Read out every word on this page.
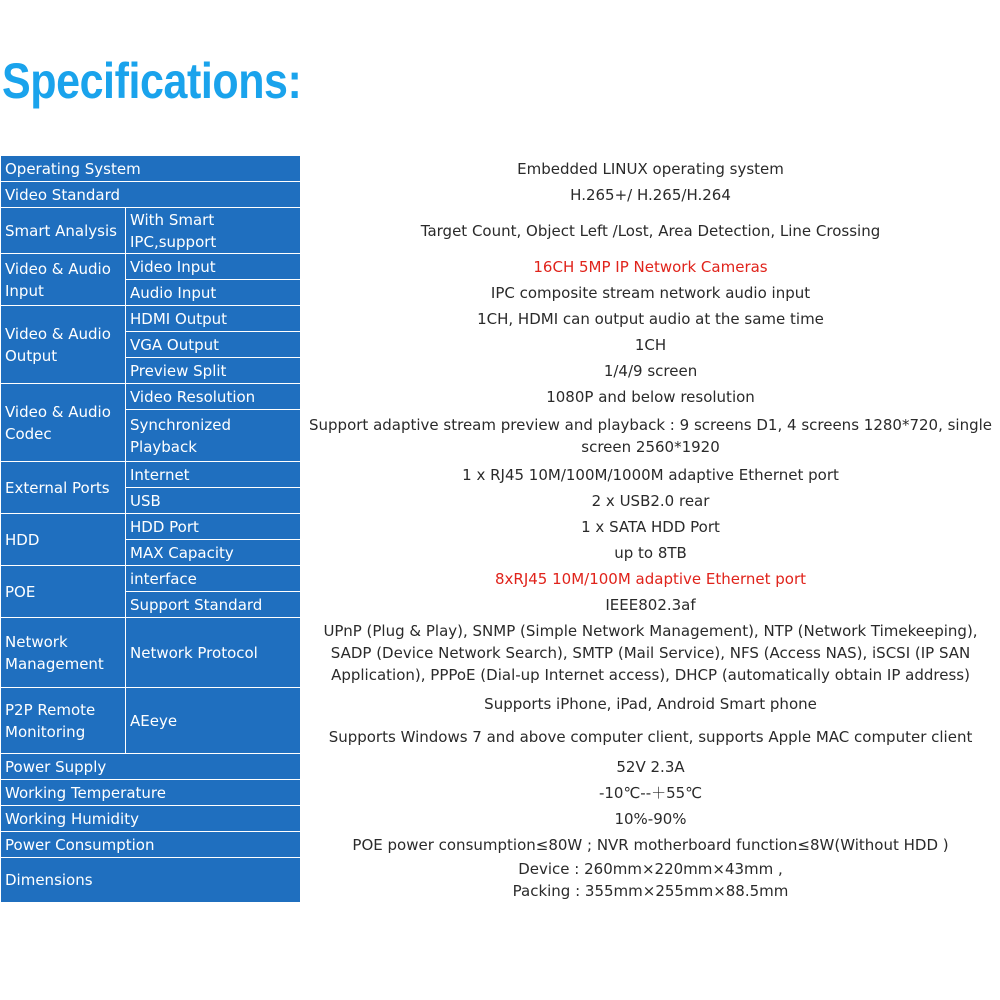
Specifications:
Operating System		Embedded LINUX operating system
Video Standard		H.265+/ H.265/H.264
Smart Analysis	With Smart IPC,support	Target Count, Object Left /Lost, Area Detection, Line Crossing
Video & Audio Input	Video Input	16CH 5MP IP Network Cameras
	Audio Input	IPC composite stream network audio input
Video & Audio Output	HDMI Output	1CH, HDMI can output audio at the same time
	VGA Output	1CH
	Preview Split	1/4/9 screen
Video & Audio Codec	Video Resolution	1080P and below resolution
	Synchronized Playback	Support adaptive stream preview and playback : 9 screens D1, 4 screens 1280*720, single screen 2560*1920
External Ports	Internet	1 x RJ45 10M/100M/1000M adaptive Ethernet port
	USB	2 x USB2.0 rear
HDD	HDD Port	1 x SATA HDD Port
	MAX Capacity	up to 8TB
POE	interface	8xRJ45 10M/100M adaptive Ethernet port
	Support Standard	IEEE802.3af
Network Management	Network Protocol	UPnP (Plug & Play), SNMP (Simple Network Management), NTP (Network Timekeeping), SADP (Device Network Search), SMTP (Mail Service), NFS (Access NAS), iSCSI (IP SAN Application), PPPoE (Dial-up Internet access), DHCP (automatically obtain IP address)
P2P Remote Monitoring	AEeye	Supports iPhone, iPad, Android Smart phone
		Supports Windows 7 and above computer client, supports Apple MAC computer client
Power Supply		52V 2.3A
Working Temperature		-10℃--＋55℃
Working Humidity		10%-90%
Power Consumption		POE power consumption≤80W ; NVR motherboard function≤8W(Without HDD )
Dimensions		Device : 260mm×220mm×43mm ,
Packing : 355mm×255mm×88.5mm
